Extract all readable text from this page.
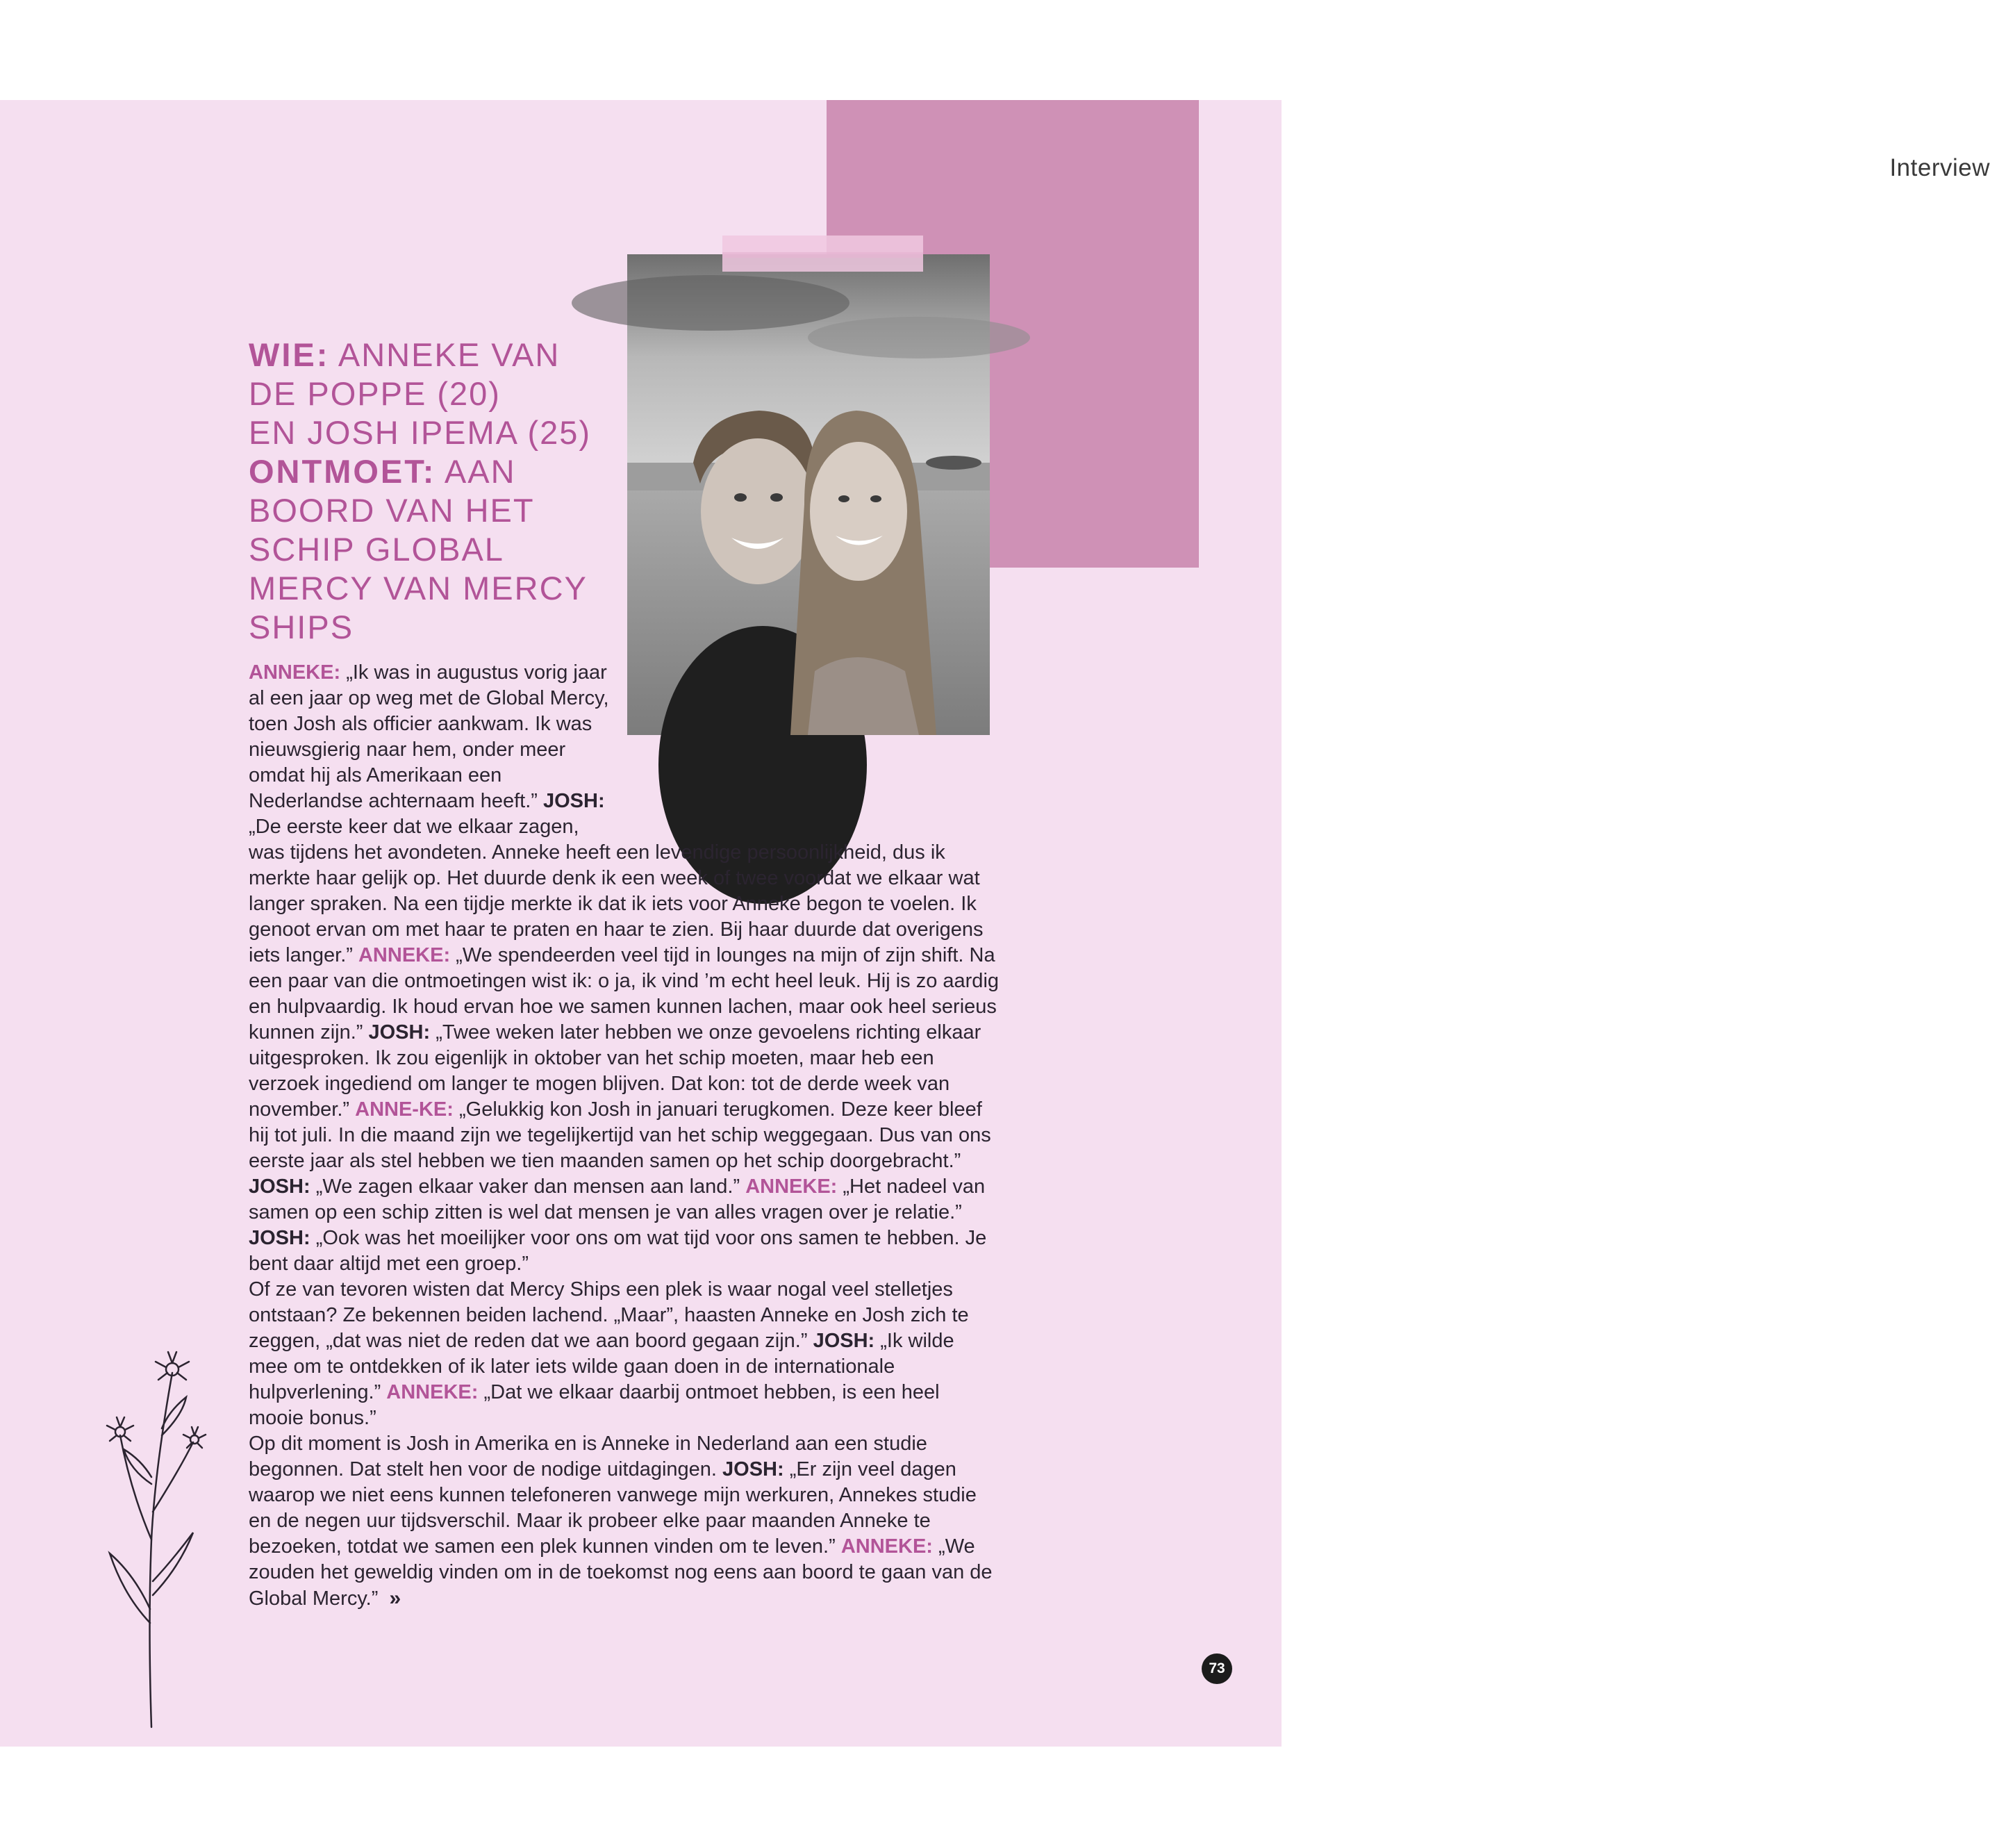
Interview
WIE: ANNEKE VAN
DE POPPE (20)
EN JOSH IPEMA (25)
ONTMOET: AAN
BOORD VAN HET
SCHIP GLOBAL
MERCY VAN MERCY
SHIPS

ANNEKE: „Ik was in augustus vorig jaar al een jaar op weg met de Global Mercy, toen Josh als officier aankwam. Ik was nieuwsgierig naar hem, onder meer omdat hij als Amerikaan een Nederlandse achternaam heeft.” JOSH: „De eerste keer dat we elkaar zagen, was tijdens het avondeten. Anneke heeft een levendige persoonlijkheid, dus ik merkte haar gelijk op. Het duurde denk ik een week of twee voordat we elkaar wat langer spraken. Na een tijdje merkte ik dat ik iets voor Anneke begon te voelen. Ik genoot ervan om met haar te praten en haar te zien. Bij haar duurde dat overigens iets langer.” ANNEKE: „We spendeerden veel tijd in lounges na mijn of zijn shift. Na een paar van die ontmoetingen wist ik: o ja, ik vind ’m echt heel leuk. Hij is zo aardig en hulpvaardig. Ik houd ervan hoe we samen kunnen lachen, maar ook heel serieus kunnen zijn.” JOSH: „Twee weken later hebben we onze gevoelens richting elkaar uitgesproken. Ik zou eigenlijk in oktober van het schip moeten, maar heb een verzoek ingediend om langer te mogen blijven. Dat kon: tot de derde week van november.” ANNE-KE: „Gelukkig kon Josh in januari terugkomen. Deze keer bleef hij tot juli. In die maand zijn we tegelijkertijd van het schip weggegaan. Dus van ons eerste jaar als stel hebben we tien maanden samen op het schip doorgebracht.” JOSH: „We zagen elkaar vaker dan mensen aan land.” ANNEKE: „Het nadeel van samen op een schip zitten is wel dat mensen je van alles vragen over je relatie.” JOSH: „Ook was het moeilijker voor ons om wat tijd voor ons samen te hebben. Je bent daar altijd met een groep.”

Of ze van tevoren wisten dat Mercy Ships een plek is waar nogal veel stelletjes ontstaan? Ze bekennen beiden lachend. „Maar”, haasten Anneke en Josh zich te zeggen, „dat was niet de reden dat we aan boord gegaan zijn.” JOSH: „Ik wilde mee om te ontdekken of ik later iets wilde gaan doen in de internationale hulpverlening.” ANNEKE: „Dat we elkaar daarbij ontmoet hebben, is een heel mooie bonus.”

Op dit moment is Josh in Amerika en is Anneke in Nederland aan een studie begonnen. Dat stelt hen voor de nodige uitdagingen. JOSH: „Er zijn veel dagen waarop we niet eens kunnen telefoneren vanwege mijn werkuren, Annekes studie en de negen uur tijdsverschil. Maar ik probeer elke paar maanden Anneke te bezoeken, totdat we samen een plek kunnen vinden om te leven.” ANNEKE: „We zouden het geweldig vinden om in de toekomst nog eens aan boord te gaan van de Global Mercy.” »

73
